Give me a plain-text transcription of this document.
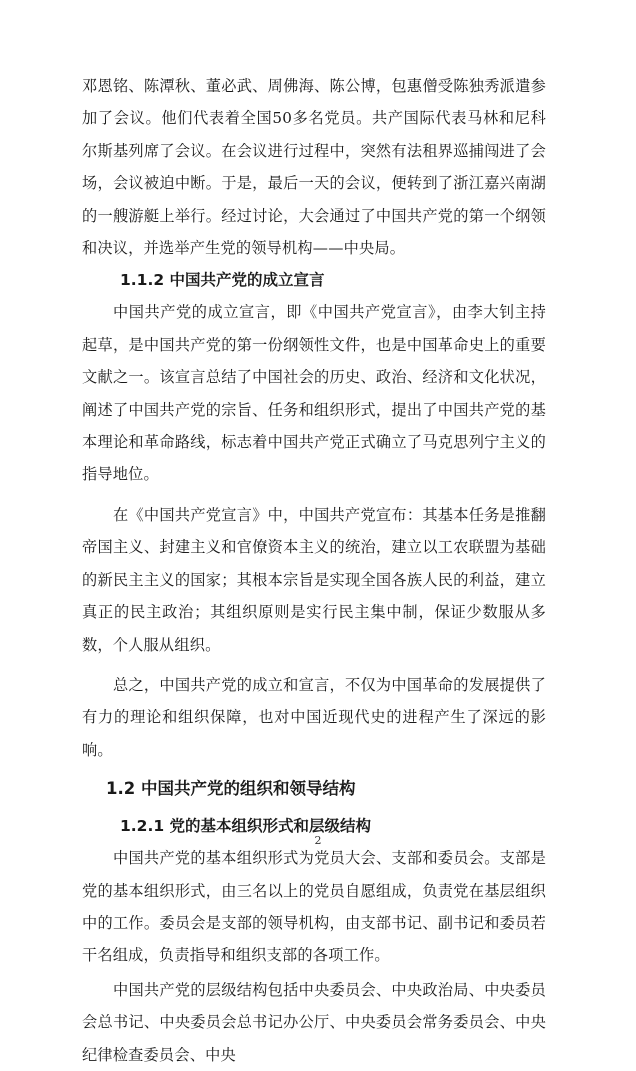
邓恩铭、陈潭秋、董必武、周佛海、陈公博，包惠僧受陈独秀派遣参加了会议。他们代表着全国50多名党员。共产国际代表马林和尼科尔斯基列席了会议。在会议进行过程中，突然有法租界巡捕闯进了会场，会议被迫中断。于是，最后一天的会议，便转到了浙江嘉兴南湖的一艘游艇上举行。经过讨论，大会通过了中国共产党的第一个纲领和决议，并选举产生党的领导机构——中央局。

1.1.2 中国共产党的成立宣言

中国共产党的成立宣言，即《中国共产党宣言》，由李大钊主持起草，是中国共产党的第一份纲领性文件，也是中国革命史上的重要文献之一。该宣言总结了中国社会的历史、政治、经济和文化状况，阐述了中国共产党的宗旨、任务和组织形式，提出了中国共产党的基本理论和革命路线，标志着中国共产党正式确立了马克思列宁主义的指导地位。

在《中国共产党宣言》中，中国共产党宣布：其基本任务是推翻帝国主义、封建主义和官僚资本主义的统治，建立以工农联盟为基础的新民主主义的国家；其根本宗旨是实现全国各族人民的利益，建立真正的民主政治；其组织原则是实行民主集中制，保证少数服从多数，个人服从组织。

总之，中国共产党的成立和宣言，不仅为中国革命的发展提供了有力的理论和组织保障，也对中国近现代史的进程产生了深远的影响。

1.2 中国共产党的组织和领导结构
1.2.1 党的基本组织形式和层级结构

中国共产党的基本组织形式为党员大会、支部和委员会。支部是党的基本组织形式，由三名以上的党员自愿组成，负责党在基层组织中的工作。委员会是支部的领导机构，由支部书记、副书记和委员若干名组成，负责指导和组织支部的各项工作。

中国共产党的层级结构包括中央委员会、中央政治局、中央委员会总书记、中央委员会总书记办公厅、中央委员会常务委员会、中央纪律检查委员会、中央

2
